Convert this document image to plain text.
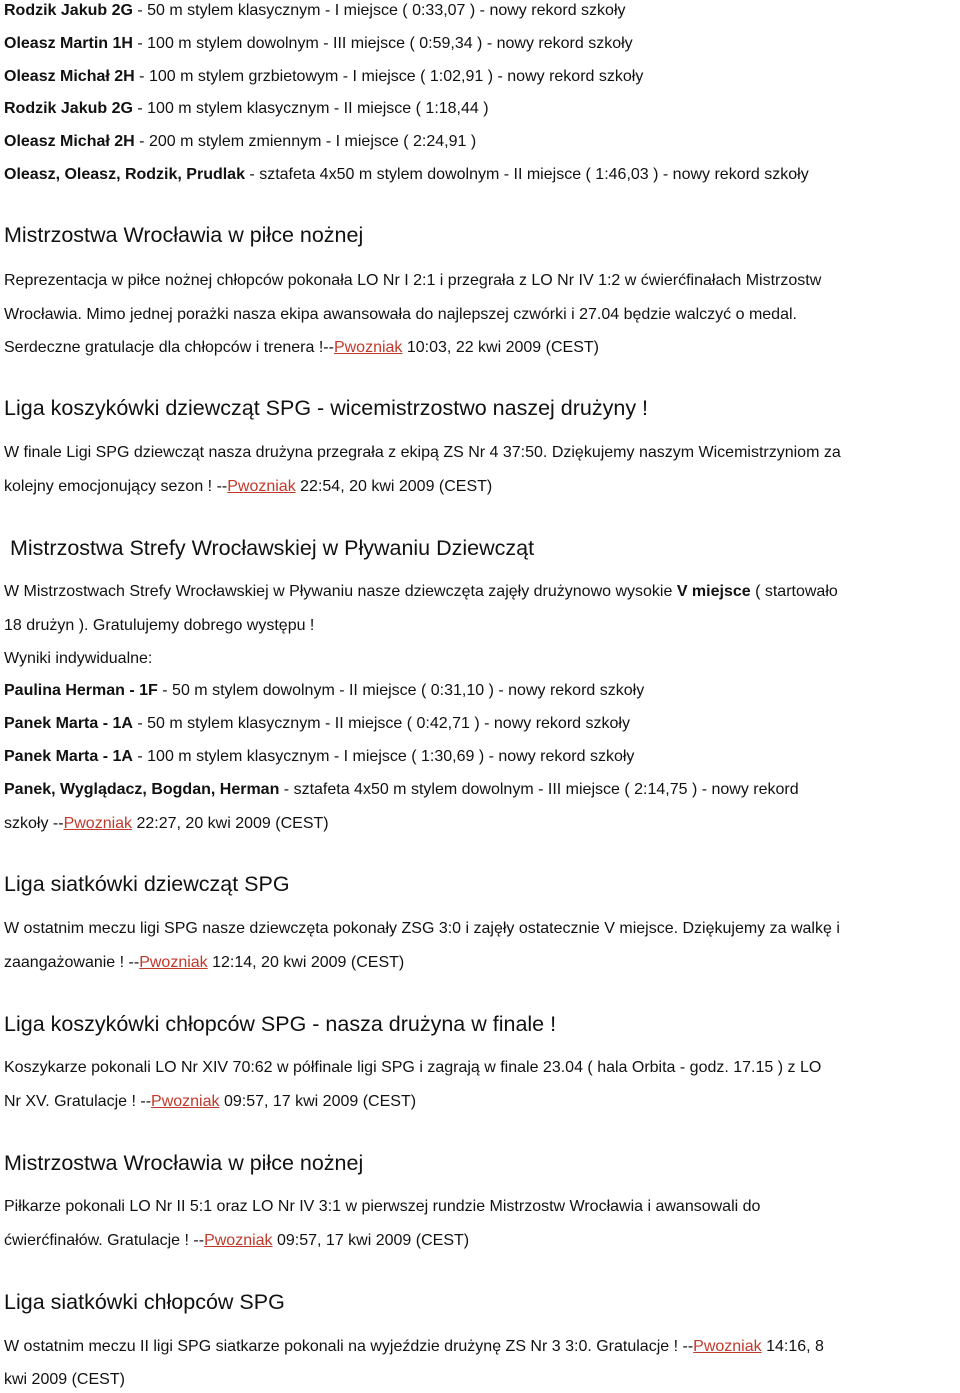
Rodzik Jakub 2G - 50 m stylem klasycznym - I miejsce ( 0:33,07 ) - nowy rekord szkoły
Oleasz Martin 1H - 100 m stylem dowolnym - III miejsce ( 0:59,34 ) - nowy rekord szkoły
Oleasz Michał 2H - 100 m stylem grzbietowym - I miejsce ( 1:02,91 ) - nowy rekord szkoły
Rodzik Jakub 2G - 100 m stylem klasycznym - II miejsce ( 1:18,44 )
Oleasz Michał 2H - 200 m stylem zmiennym - I miejsce ( 2:24,91 )
Oleasz, Oleasz, Rodzik, Prudlak - sztafeta 4x50 m stylem dowolnym - II miejsce ( 1:46,03 ) - nowy rekord szkoły
Mistrzostwa Wrocławia w piłce nożnej
Reprezentacja w piłce nożnej chłopców pokonała LO Nr I 2:1 i przegrała z LO Nr IV 1:2 w ćwierćfinałach Mistrzostw
Wrocławia. Mimo jednej porażki nasza ekipa awansowała do najlepszej czwórki i 27.04 będzie walczyć o medal.
Serdeczne gratulacje dla chłopców i trenera !--Pwozniak 10:03, 22 kwi 2009 (CEST)
Liga koszykówki dziewcząt SPG - wicemistrzostwo naszej drużyny !
W finale Ligi SPG dziewcząt nasza drużyna przegrała z ekipą ZS Nr 4 37:50. Dziękujemy naszym Wicemistrzyniom za
kolejny emocjonujący sezon ! --Pwozniak 22:54, 20 kwi 2009 (CEST)
Mistrzostwa Strefy Wrocławskiej w Pływaniu Dziewcząt
W Mistrzostwach Strefy Wrocławskiej w Pływaniu nasze dziewczęta zajęły drużynowo wysokie V miejsce ( startowało
18 drużyn ). Gratulujemy dobrego występu !
Wyniki indywidualne:
Paulina Herman - 1F - 50 m stylem dowolnym - II miejsce ( 0:31,10 ) - nowy rekord szkoły
Panek Marta - 1A - 50 m stylem klasycznym - II miejsce ( 0:42,71 ) - nowy rekord szkoły
Panek Marta - 1A - 100 m stylem klasycznym - I miejsce ( 1:30,69 ) - nowy rekord szkoły
Panek, Wyglądacz, Bogdan, Herman - sztafeta 4x50 m stylem dowolnym - III miejsce ( 2:14,75 ) - nowy rekord
szkoły --Pwozniak 22:27, 20 kwi 2009 (CEST)
Liga siatkówki dziewcząt SPG
W ostatnim meczu ligi SPG nasze dziewczęta pokonały ZSG 3:0 i zajęły ostatecznie V miejsce. Dziękujemy za walkę i
zaangażowanie ! --Pwozniak 12:14, 20 kwi 2009 (CEST)
Liga koszykówki chłopców SPG - nasza drużyna w finale !
Koszykarze pokonali LO Nr XIV 70:62 w półfinale ligi SPG i zagrają w finale 23.04 ( hala Orbita - godz. 17.15 ) z LO
Nr XV. Gratulacje ! --Pwozniak 09:57, 17 kwi 2009 (CEST)
Mistrzostwa Wrocławia w piłce nożnej
Piłkarze pokonali LO Nr II 5:1 oraz LO Nr IV 3:1 w pierwszej rundzie Mistrzostw Wrocławia i awansowali do
ćwierćfinałów. Gratulacje ! --Pwozniak 09:57, 17 kwi 2009 (CEST)
Liga siatkówki chłopców SPG
W ostatnim meczu II ligi SPG siatkarze pokonali na wyjeździe drużynę ZS Nr 3 3:0. Gratulacje ! --Pwozniak 14:16, 8
kwi 2009 (CEST)
